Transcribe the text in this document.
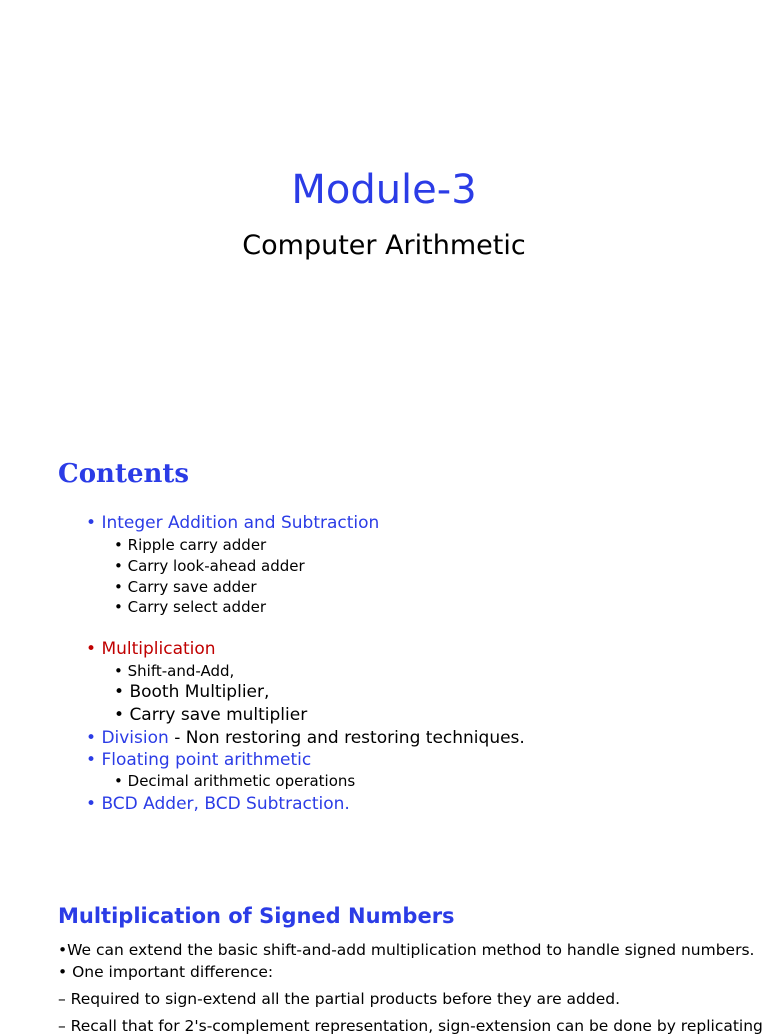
Module-3
Computer Arithmetic
Contents
• Integer Addition and Subtraction
• Ripple carry adder
• Carry look-ahead adder
• Carry save adder
• Carry select adder
• Multiplication
• Shift-and-Add,
• Booth Multiplier,
• Carry save multiplier
• Division - Non restoring and restoring techniques.
• Floating point arithmetic
• Decimal arithmetic operations
• BCD Adder, BCD Subtraction.
Multiplication of Signed Numbers
•We can extend the basic shift-and-add multiplication method to handle signed numbers.
• One important difference:
– Required to sign-extend all the partial products before they are added.
– Recall that for 2's-complement representation, sign-extension can be done by replicating
